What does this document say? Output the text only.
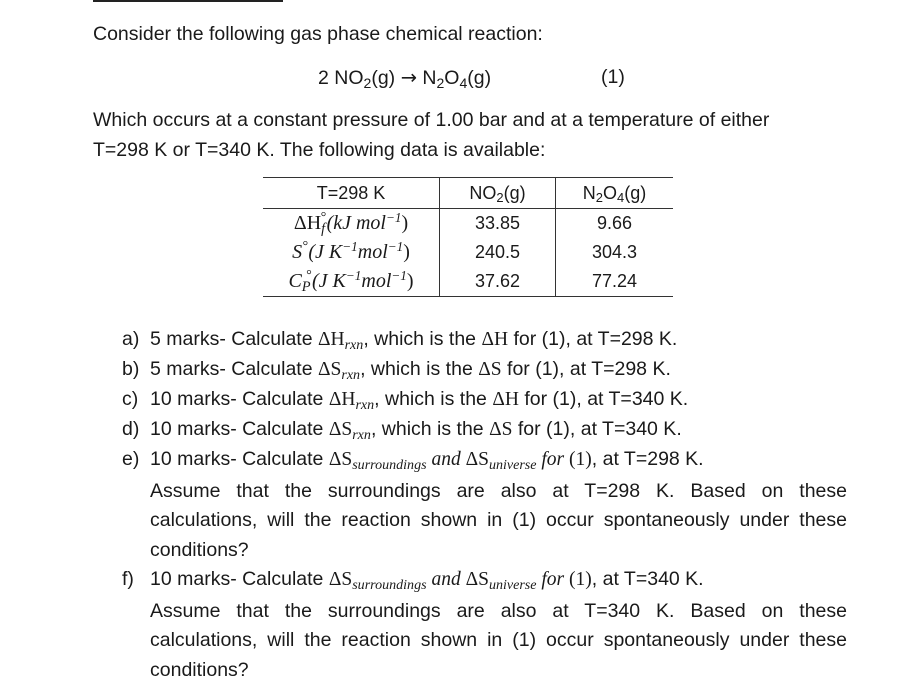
Consider the following gas phase chemical reaction:
2 NO2(g) → N2O4(g)	(1)
Which occurs at a constant pressure of 1.00 bar and at a temperature of either
T=298 K or T=340 K. The following data is available:
T=298 K	NO2(g)	N2O4(g)
ΔHf°(kJ mol$^{-1}$)	33.85	9.66
S°(J $K^{-1}mol^{-1}$)	240.5	304.3
CP°(J $K^{-1}mol^{-1}$)	37.62	77.24
a) 5 marks- Calculate ΔHrxn, which is the ΔH for (1), at T=298 K.
b) 5 marks- Calculate ΔSrxn, which is the ΔS for (1), at T=298 K.
c) 10 marks- Calculate ΔHrxn, which is the ΔH for (1), at T=340 K.
d) 10 marks- Calculate ΔSrxn, which is the ΔS for (1), at T=340 K.
e) 10 marks- Calculate ΔSsurroundings and ΔSuniverse for (1), at T=298 K.
Assume that the surroundings are also at T=298 K. Based on these
calculations, will the reaction shown in (1) occur spontaneously under these
conditions?
f) 10 marks- Calculate ΔSsurroundings and ΔSuniverse for (1), at T=340 K.
Assume that the surroundings are also at T=340 K. Based on these
calculations, will the reaction shown in (1) occur spontaneously under these
conditions?
